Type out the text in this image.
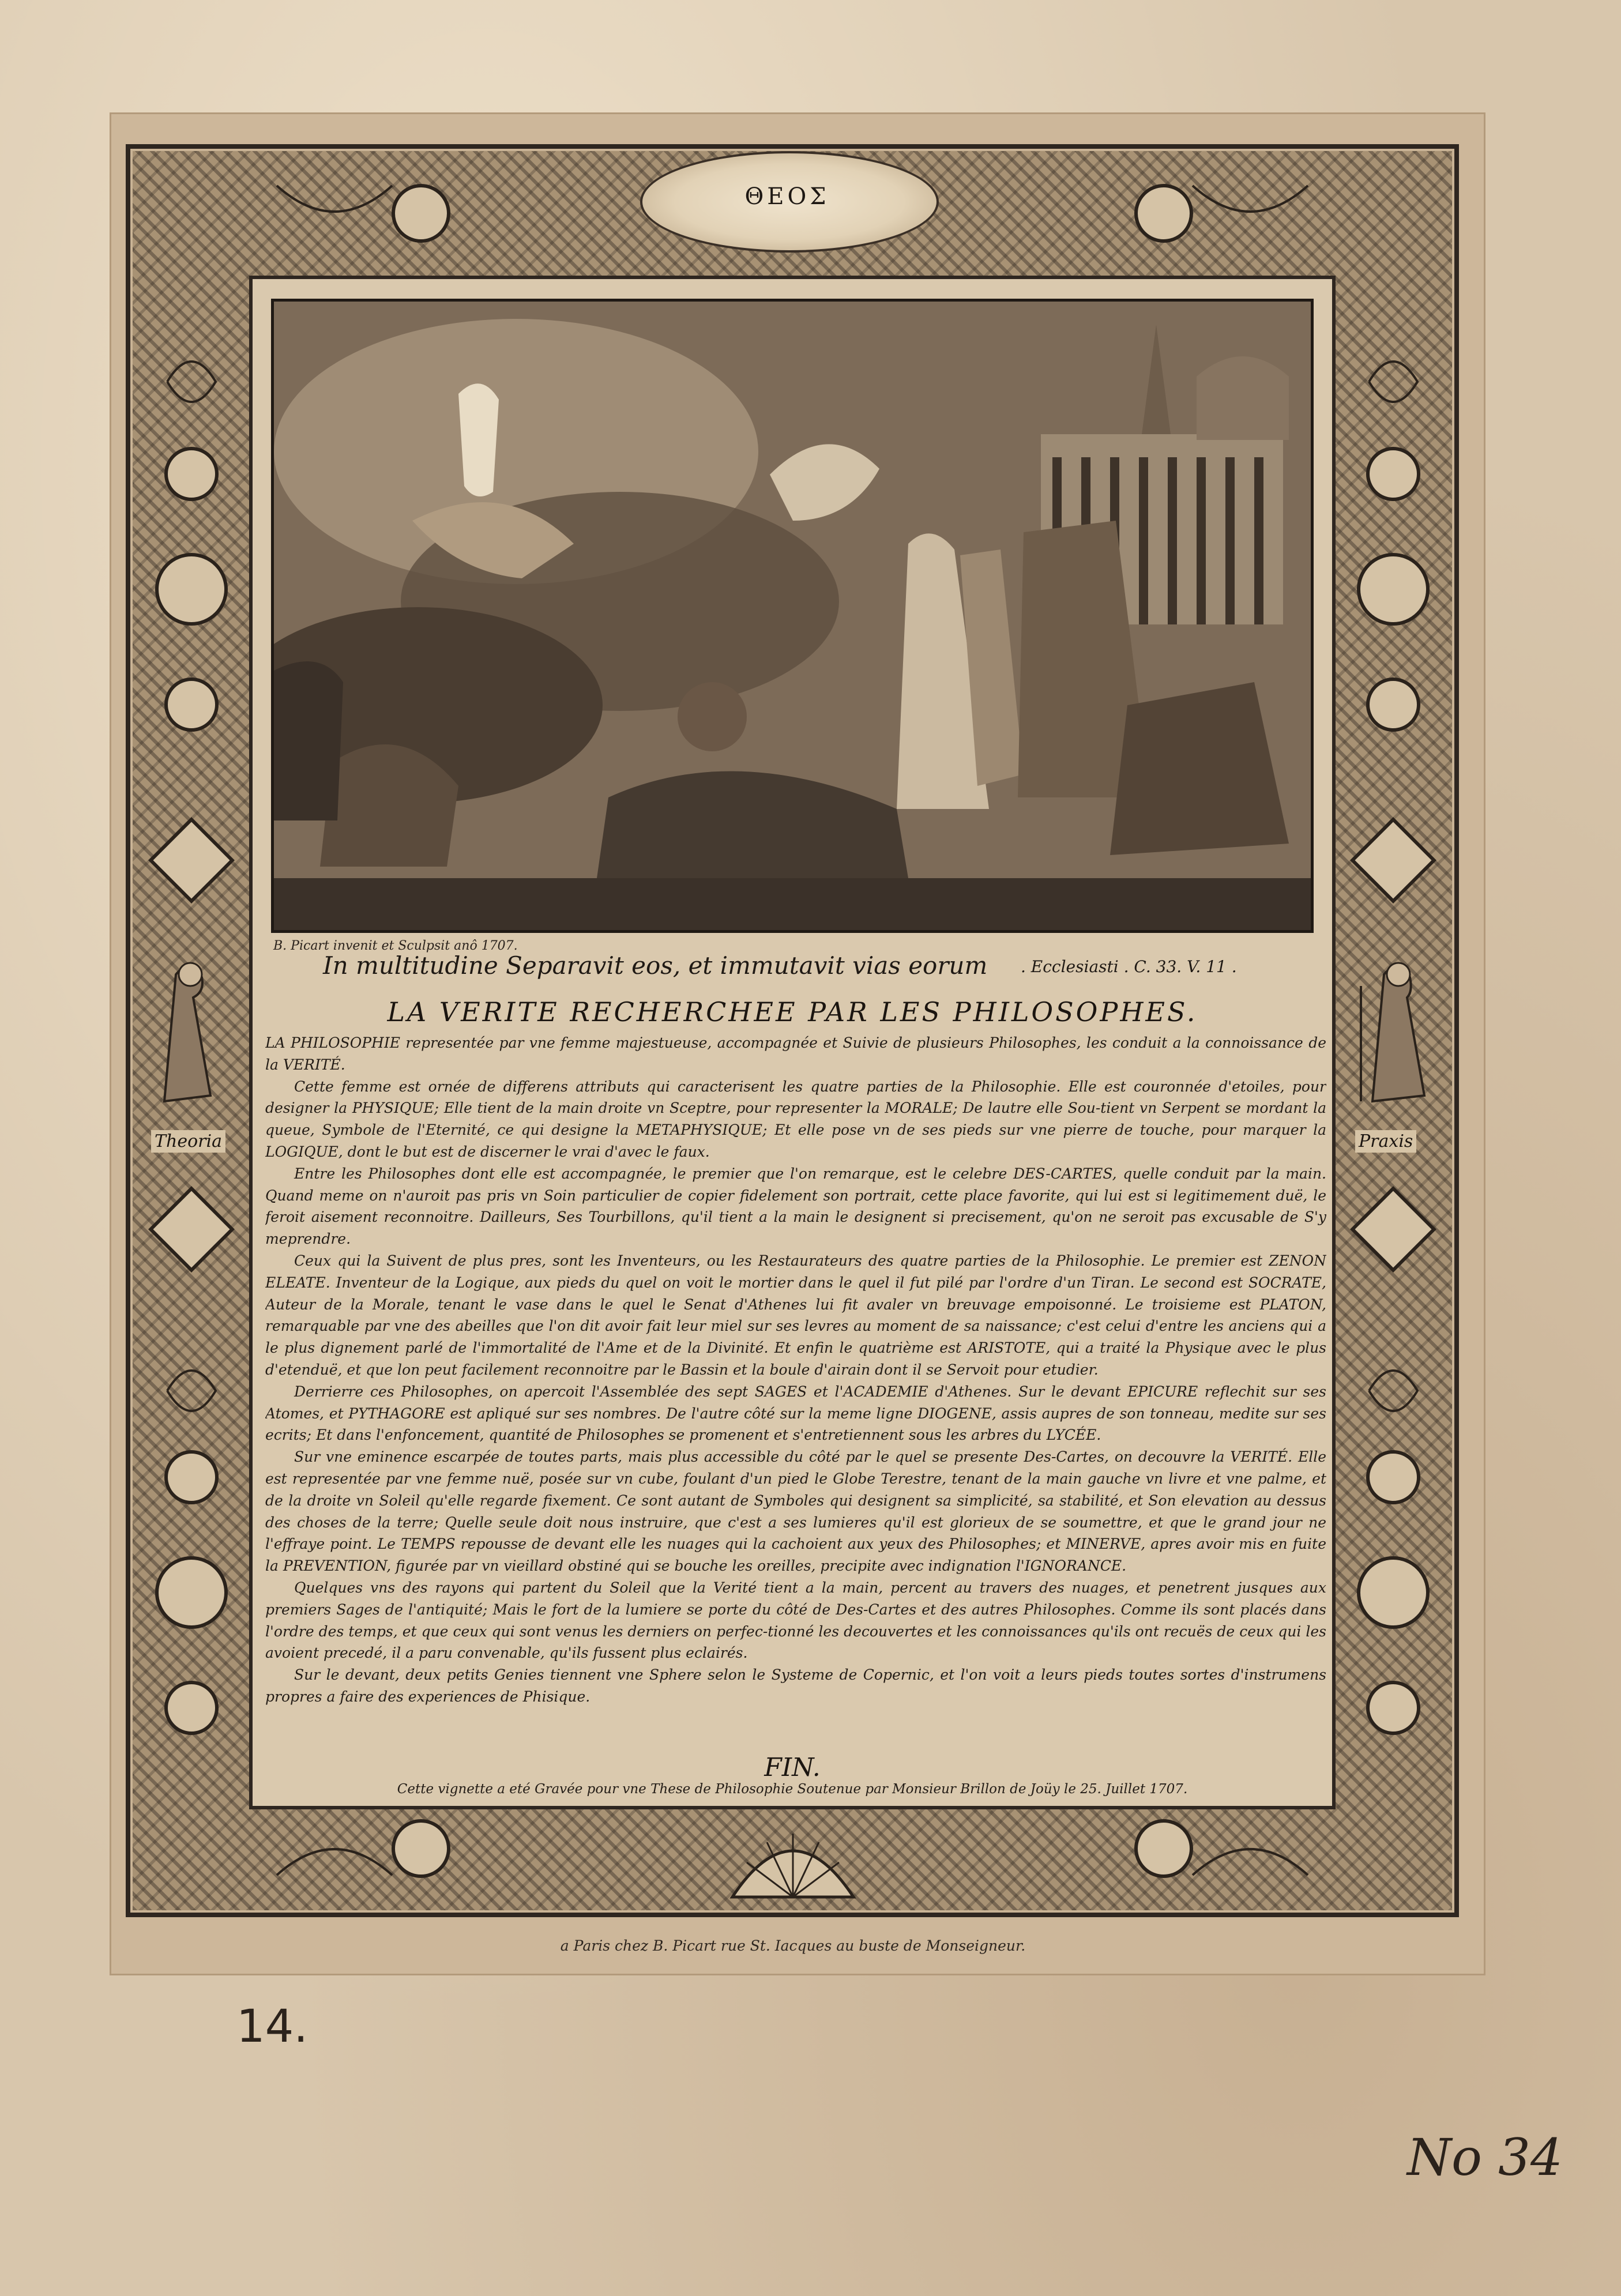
ΘΕΟΣ
B. Picart invenit et Sculpsit anô 1707.
In multitudine Separavit eos, et immutavit vias eorum . Ecclesiasti . C. 33. V. 11 .
Theoria	Praxis
LA VERITE RECHERCHEE PAR LES PHILOSOPHES.

LA PHILOSOPHIE representée par vne femme majestueuse, accompagnée et Suivie de plusieurs Philosophes, les conduit a la connoissance de la VERITÉ.

Cette femme est ornée de differens attributs qui caracterisent les quatre parties de la Philosophie. Elle est couronnée d'etoiles, pour designer la PHYSIQUE; Elle tient de la main droite vn Sceptre, pour representer la MORALE; De lautre elle Sou-tient vn Serpent se mordant la queue, Symbole de l'Eternité, ce qui designe la METAPHYSIQUE; Et elle pose vn de ses pieds sur vne pierre de touche, pour marquer la LOGIQUE, dont le but est de discerner le vrai d'avec le faux.

Entre les Philosophes dont elle est accompagnée, le premier que l'on remarque, est le celebre DES-CARTES, quelle conduit par la main. Quand meme on n'auroit pas pris vn Soin particulier de copier fidelement son portrait, cette place favorite, qui lui est si legitimement duë, le feroit aisement reconnoitre. Dailleurs, Ses Tourbillons, qu'il tient a la main le designent si precisement, qu'on ne seroit pas excusable de S'y meprendre.

Ceux qui la Suivent de plus pres, sont les Inventeurs, ou les Restaurateurs des quatre parties de la Philosophie. Le premier est ZENON ELEATE. Inventeur de la Logique, aux pieds du quel on voit le mortier dans le quel il fut pilé par l'ordre d'un Tiran. Le second est SOCRATE, Auteur de la Morale, tenant le vase dans le quel le Senat d'Athenes lui fit avaler vn breuvage empoisonné. Le troisieme est PLATON, remarquable par vne des abeilles que l'on dit avoir fait leur miel sur ses levres au moment de sa naissance; c'est celui d'entre les anciens qui a le plus dignement parlé de l'immortalité de l'Ame et de la Divinité. Et enfin le quatrième est ARISTOTE, qui a traité la Physique avec le plus d'etenduë, et que lon peut facilement reconnoitre par le Bassin et la boule d'airain dont il se Servoit pour etudier.

Derrierre ces Philosophes, on apercoit l'Assemblée des sept SAGES et l'ACADEMIE d'Athenes. Sur le devant EPICURE reflechit sur ses Atomes, et PYTHAGORE est apliqué sur ses nombres. De l'autre côté sur la meme ligne DIOGENE, assis aupres de son tonneau, medite sur ses ecrits; Et dans l'enfoncement, quantité de Philosophes se promenent et s'entretiennent sous les arbres du LYCÉE.

Sur vne eminence escarpée de toutes parts, mais plus accessible du côté par le quel se presente Des-Cartes, on decouvre la VERITÉ. Elle est representée par vne femme nuë, posée sur vn cube, foulant d'un pied le Globe Terestre, tenant de la main gauche vn livre et vne palme, et de la droite vn Soleil qu'elle regarde fixement. Ce sont autant de Symboles qui designent sa simplicité, sa stabilité, et Son elevation au dessus des choses de la terre; Quelle seule doit nous instruire, que c'est a ses lumieres qu'il est glorieux de se soumettre, et que le grand jour ne l'effraye point. Le TEMPS repousse de devant elle les nuages qui la cachoient aux yeux des Philosophes; et MINERVE, apres avoir mis en fuite la PREVENTION, figurée par vn vieillard obstiné qui se bouche les oreilles, precipite avec indignation l'IGNORANCE.

Quelques vns des rayons qui partent du Soleil que la Verité tient a la main, percent au travers des nuages, et penetrent jusques aux premiers Sages de l'antiquité; Mais le fort de la lumiere se porte du côté de Des-Cartes et des autres Philosophes. Comme ils sont placés dans l'ordre des temps, et que ceux qui sont venus les derniers on perfec-tionné les decouvertes et les connoissances qu'ils ont recuës de ceux qui les avoient precedé, il a paru convenable, qu'ils fussent plus eclairés.

Sur le devant, deux petits Genies tiennent vne Sphere selon le Systeme de Copernic, et l'on voit a leurs pieds toutes sortes d'instrumens propres a faire des experiences de Phisique.

FIN.
Cette vignette a eté Gravée pour vne These de Philosophie Soutenue par Monsieur Brillon de Joüy le 25. Juillet 1707.
a Paris chez B. Picart rue St. Iacques au buste de Monseigneur.
14.
No 34
